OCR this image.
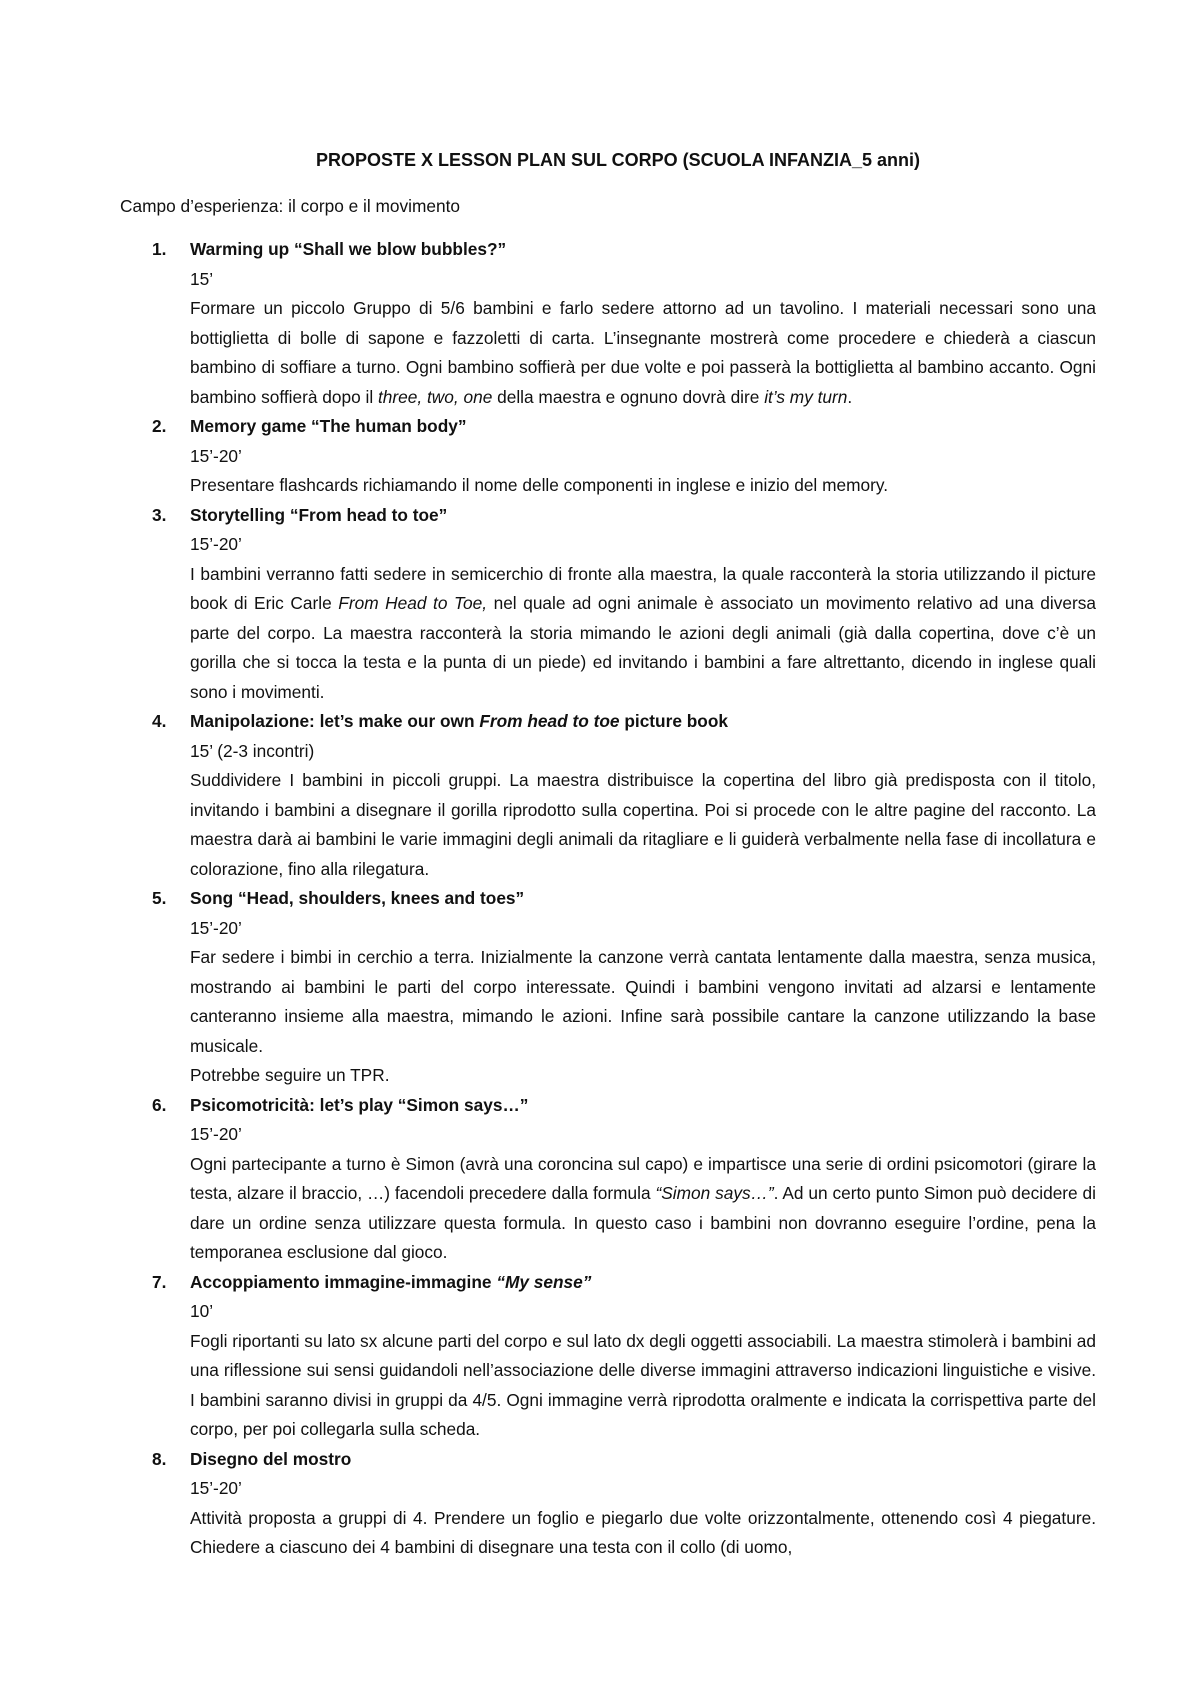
PROPOSTE X LESSON PLAN SUL CORPO (SCUOLA INFANZIA_5 anni)
Campo d’esperienza: il corpo e il movimento
1. Warming up “Shall we blow bubbles?”
15’
Formare un piccolo Gruppo di 5/6 bambini e farlo sedere attorno ad un tavolino. I materiali necessari sono una bottiglietta di bolle di sapone e fazzoletti di carta. L’insegnante mostrerà come procedere e chiederà a ciascun bambino di soffiare a turno. Ogni bambino soffierà per due volte e poi passerà la bottiglietta al bambino accanto. Ogni bambino soffierà dopo il three, two, one della maestra e ognuno dovrà dire it’s my turn.
2. Memory game “The human body”
15’-20’
Presentare flashcards richiamando il nome delle componenti in inglese e inizio del memory.
3. Storytelling “From head to toe”
15’-20’
I bambini verranno fatti sedere in semicerchio di fronte alla maestra, la quale racconterà la storia utilizzando il picture book di Eric Carle From Head to Toe, nel quale ad ogni animale è associato un movimento relativo ad una diversa parte del corpo. La maestra racconterà la storia mimando le azioni degli animali (già dalla copertina, dove c’è un gorilla che si tocca la testa e la punta di un piede) ed invitando i bambini a fare altrettanto, dicendo in inglese quali sono i movimenti.
4. Manipolazione: let’s make our own From head to toe picture book
15’ (2-3 incontri)
Suddividere I bambini in piccoli gruppi. La maestra distribuisce la copertina del libro già predisposta con il titolo, invitando i bambini a disegnare il gorilla riprodotto sulla copertina. Poi si procede con le altre pagine del racconto. La maestra darà ai bambini le varie immagini degli animali da ritagliare e li guiderà verbalmente nella fase di incollatura e colorazione, fino alla rilegatura.
5. Song “Head, shoulders, knees and toes”
15’-20’
Far sedere i bimbi in cerchio a terra. Inizialmente la canzone verrà cantata lentamente dalla maestra, senza musica, mostrando ai bambini le parti del corpo interessate. Quindi i bambini vengono invitati ad alzarsi e lentamente canteranno insieme alla maestra, mimando le azioni. Infine sarà possibile cantare la canzone utilizzando la base musicale.
Potrebbe seguire un TPR.
6. Psicomotricità: let’s play “Simon says…”
15’-20’
Ogni partecipante a turno è Simon (avrà una coroncina sul capo) e impartisce una serie di ordini psicomotori (girare la testa, alzare il braccio, …) facendoli precedere dalla formula “Simon says…”. Ad un certo punto Simon può decidere di dare un ordine senza utilizzare questa formula. In questo caso i bambini non dovranno eseguire l’ordine, pena la temporanea esclusione dal gioco.
7. Accoppiamento immagine-immagine “My sense”
10’
Fogli riportanti su lato sx alcune parti del corpo e sul lato dx degli oggetti associabili. La maestra stimolerà i bambini ad una riflessione sui sensi guidandoli nell’associazione delle diverse immagini attraverso indicazioni linguistiche e visive. I bambini saranno divisi in gruppi da 4/5. Ogni immagine verrà riprodotta oralmente e indicata la corrispettiva parte del corpo, per poi collegarla sulla scheda.
8. Disegno del mostro
15’-20’
Attività proposta a gruppi di 4. Prendere un foglio e piegarlo due volte orizzontalmente, ottenendo così 4 piegature. Chiedere a ciascuno dei 4 bambini di disegnare una testa con il collo (di uomo,
